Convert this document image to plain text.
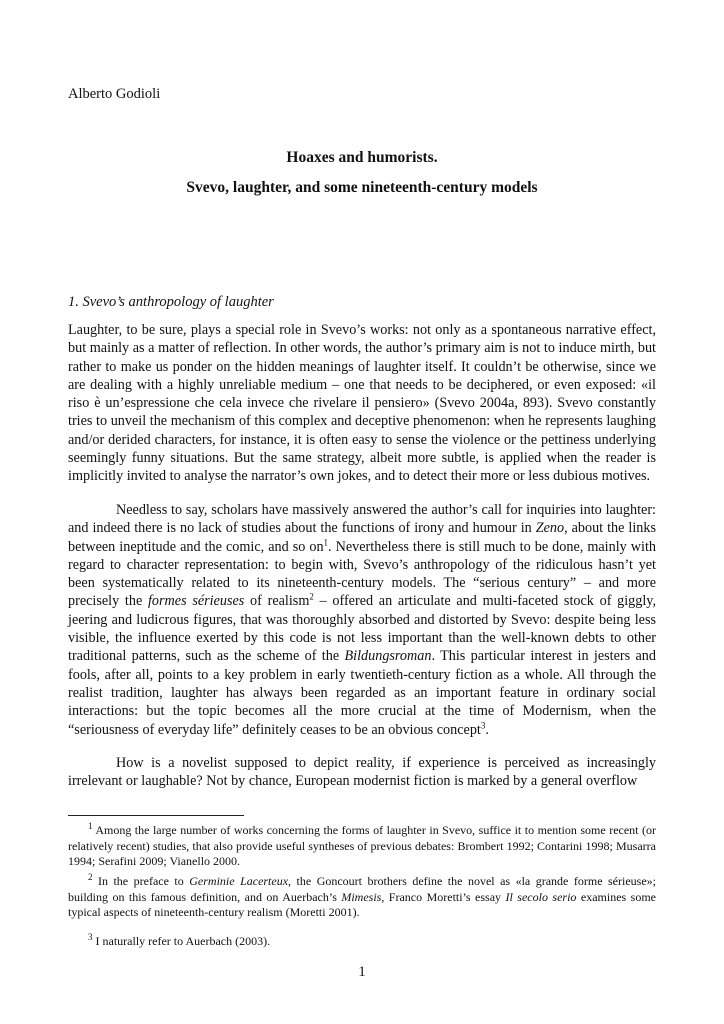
Alberto Godioli
Hoaxes and humorists.
Svevo, laughter, and some nineteenth-century models
1. Svevo’s anthropology of laughter
Laughter, to be sure, plays a special role in Svevo’s works: not only as a spontaneous narrative effect, but mainly as a matter of reflection. In other words, the author’s primary aim is not to induce mirth, but rather to make us ponder on the hidden meanings of laughter itself. It couldn’t be otherwise, since we are dealing with a highly unreliable medium – one that needs to be deciphered, or even exposed: «il riso è un’espressione che cela invece che rivelare il pensiero» (Svevo 2004a, 893). Svevo constantly tries to unveil the mechanism of this complex and deceptive phenomenon: when he represents laughing and/or derided characters, for instance, it is often easy to sense the violence or the pettiness underlying seemingly funny situations. But the same strategy, albeit more subtle, is applied when the reader is implicitly invited to analyse the narrator’s own jokes, and to detect their more or less dubious motives.
Needless to say, scholars have massively answered the author’s call for inquiries into laughter: and indeed there is no lack of studies about the functions of irony and humour in Zeno, about the links between ineptitude and the comic, and so $on^1$. Nevertheless there is still much to be done, mainly with regard to character representation: to begin with, Svevo’s anthropology of the ridiculous hasn’t yet been systematically related to its nineteenth-century models. The “serious century” – and more precisely the formes sérieuses of realism$^2$ – offered an articulate and multi-faceted stock of giggly, jeering and ludicrous figures, that was thoroughly absorbed and distorted by Svevo: despite being less visible, the influence exerted by this code is not less important than the well-known debts to other traditional patterns, such as the scheme of the Bildungsroman. This particular interest in jesters and fools, after all, points to a key problem in early twentieth-century fiction as a whole. All through the realist tradition, laughter has always been regarded as an important feature in ordinary social interactions: but the topic becomes all the more crucial at the time of Modernism, when the “seriousness of everyday life” definitely ceases to be an obvious concept$^3$.
How is a novelist supposed to depict reality, if experience is perceived as increasingly irrelevant or laughable? Not by chance, European modernist fiction is marked by a general overflow
$^1$ Among the large number of works concerning the forms of laughter in Svevo, suffice it to mention some recent (or relatively recent) studies, that also provide useful syntheses of previous debates: Brombert 1992; Contarini 1998; Musarra 1994; Serafini 2009; Vianello 2000.
$^2$ In the preface to Germinie Lacerteux, the Goncourt brothers define the novel as «la grande forme sérieuse»; building on this famous definition, and on Auerbach’s Mimesis, Franco Moretti’s essay Il secolo serio examines some typical aspects of nineteenth-century realism (Moretti 2001).
$^3$ I naturally refer to Auerbach (2003).
1
